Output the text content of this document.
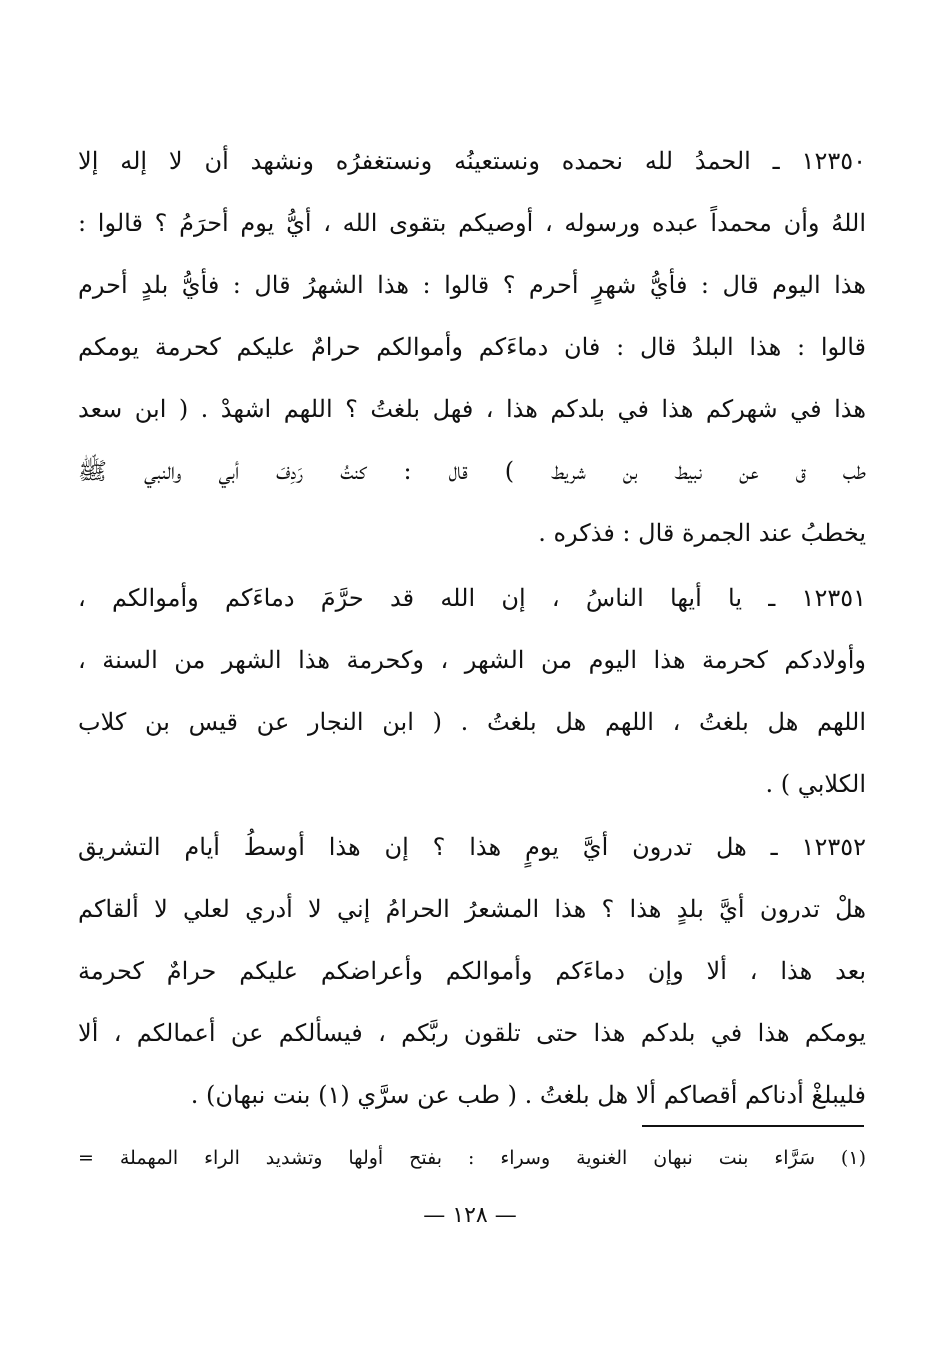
١٢٣٥٠ ـ الحمدُ لله نحمده ونستعينُه ونستغفرُه ونشهد أن لا إله إلا
اللهُ وأن محمداً عبده ورسوله ، أوصيكم بتقوى الله ، أيُّ يوم أحرَمُ ؟ قالوا :
هذا اليوم قال : فأيُّ شهرٍ أحرم ؟ قالوا : هذا الشهرُ قال : فأيُّ بلدٍ أحرم
قالوا : هذا البلدُ قال : فان دماءَكم وأموالكم حرامٌ عليكم كحرمة يومكم
هذا في شهركم هذا في بلدكم هذا ، فهل بلغتُ ؟ اللهم اشهدْ . ( ابن سعد
طب ق عن نبيط بن شريط ) قال : كنتُ رَدِفَ أبي والنبي ﷺ
يخطبُ عند الجمرة قال : فذكره .
١٢٣٥١ ـ يا أيها الناسُ ، إن الله قد حرَّمَ دماءَكم وأموالكم ،
وأولادكم كحرمة هذا اليوم من الشهر ، وكحرمة هذا الشهر من السنة ،
اللهم هل بلغتُ ، اللهم هل بلغتُ . ( ابن النجار عن قيس بن كلاب
الكلابي ) .
١٢٣٥٢ ـ هل تدرون أيَّ يومٍ هذا ؟ إن هذا أوسطُ أيام التشريق
هلْ تدرون أيَّ بلدٍ هذا ؟ هذا المشعرُ الحرامُ إني لا أدري لعلي لا ألقاكم
بعد هذا ، ألا وإن دماءَكم وأموالكم وأعراضكم عليكم حرامٌ كحرمة
يومكم هذا في بلدكم هذا حتى تلقون ربَّكم ، فيسألكم عن أعمالكم ، ألا
فليبلغْ أدناكم أقصاكم ألا هل بلغتُ . ( طب عن سرَّي (١) بنت نبهان) .
(١) سَرَّاء بنت نبهان الغنوية وسراء : بفتح أولها وتشديد الراء المهملة =
— ١٢٨ —
